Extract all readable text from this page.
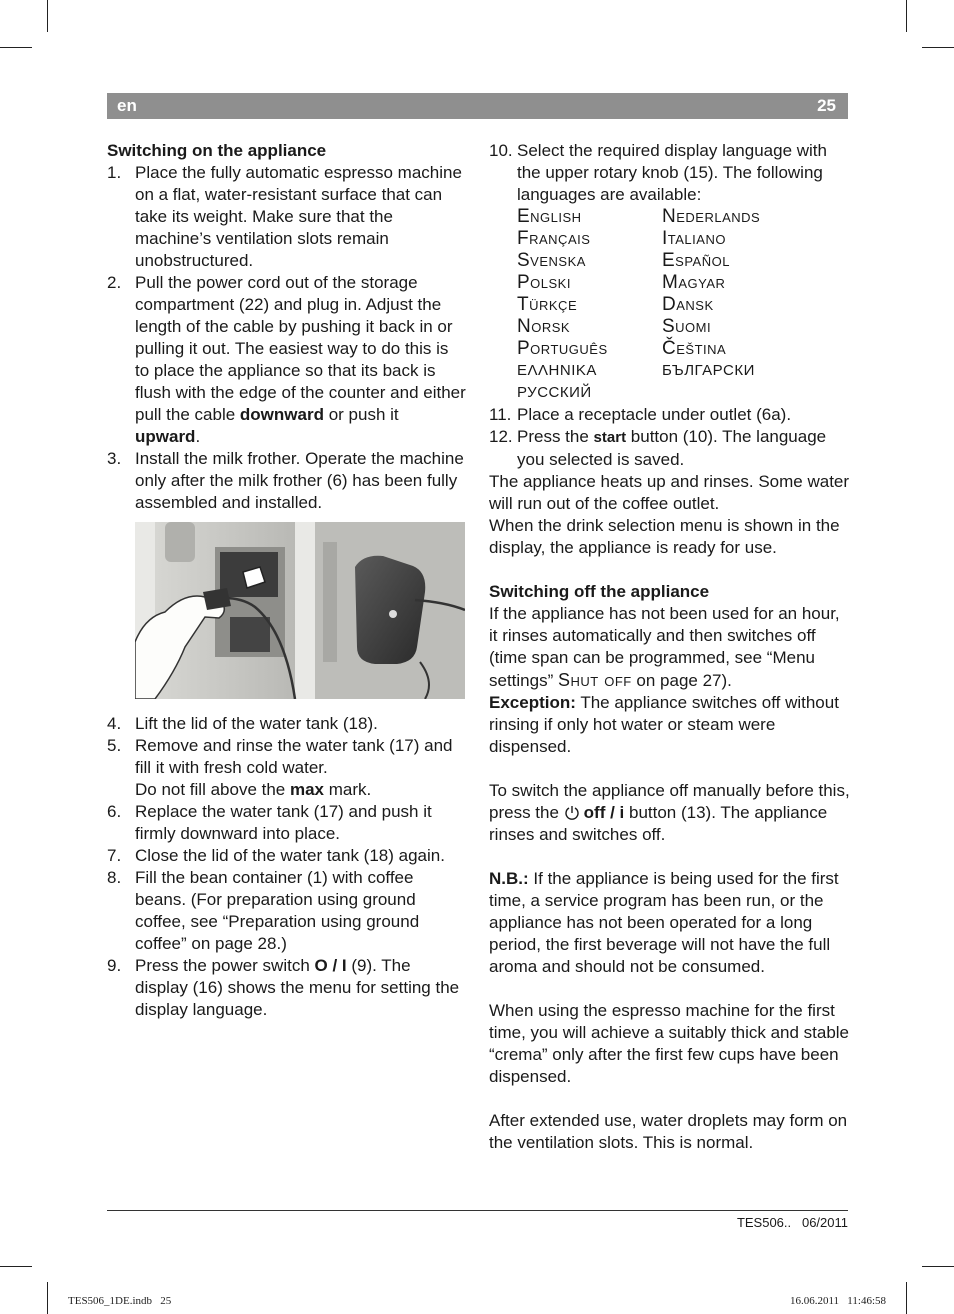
en	25
Switching on the appliance
1. Place the fully automatic espresso machine on a flat, water-resistant surface that can take its weight. Make sure that the machine’s ventilation slots remain unobstructured.
2. Pull the power cord out of the storage compartment (22) and plug in. Adjust the length of the cable by pushing it back in or pulling it out. The easiest way to do this is to place the appliance so that its back is flush with the edge of the counter and either pull the cable downward or push it upward.
3. Install the milk frother. Operate the machine only after the milk frother (6) has been fully assembled and installed.
4. Lift the lid of the water tank (18).
5. Remove and rinse the water tank (17) and fill it with fresh cold water.
Do not fill above the max mark.
6. Replace the water tank (17) and push it firmly downward into place.
7. Close the lid of the water tank (18) again.
8. Fill the bean container (1) with coffee beans. (For preparation using ground coffee, see “Preparation using ground coffee” on page 28.)
9. Press the power switch O / I (9). The display (16) shows the menu for setting the display language.
10. Select the required display language with the upper rotary knob (15). The following languages are available:
English	Nederlands
Français	Italiano
Svenska	Español
Polski	Magyar
Türkçe	Dansk
Norsk	Suomi
Português	Čeština
ΕΛΛΗΝΙΚΑ	БЪЛГАРСКИ
РУССКИЙ
11. Place a receptacle under outlet (6a).
12. Press the start button (10). The language you selected is saved.

The appliance heats up and rinses. Some water will run out of the coffee outlet.

When the drink selection menu is shown in the display, the appliance is ready for use.

Switching off the appliance

If the appliance has not been used for an hour, it rinses automatically and then switches off (time span can be programmed, see “Menu settings” Shut off on page 27).

Exception: The appliance switches off without rinsing if only hot water or steam were dispensed.

To switch the appliance off manually before this, press the off / i button (13). The appliance rinses and switches off.

N.B.: If the appliance is being used for the first time, a service program has been run, or the appliance has not been operated for a long period, the first beverage will not have the full aroma and should not be consumed.

When using the espresso machine for the first time, you will achieve a suitably thick and stable “crema” only after the first few cups have been dispensed.

After extended use, water droplets may form on the ventilation slots. This is normal.

TES506..   06/2011
TES506_1DE.indb   25	16.06.2011   11:46:58
